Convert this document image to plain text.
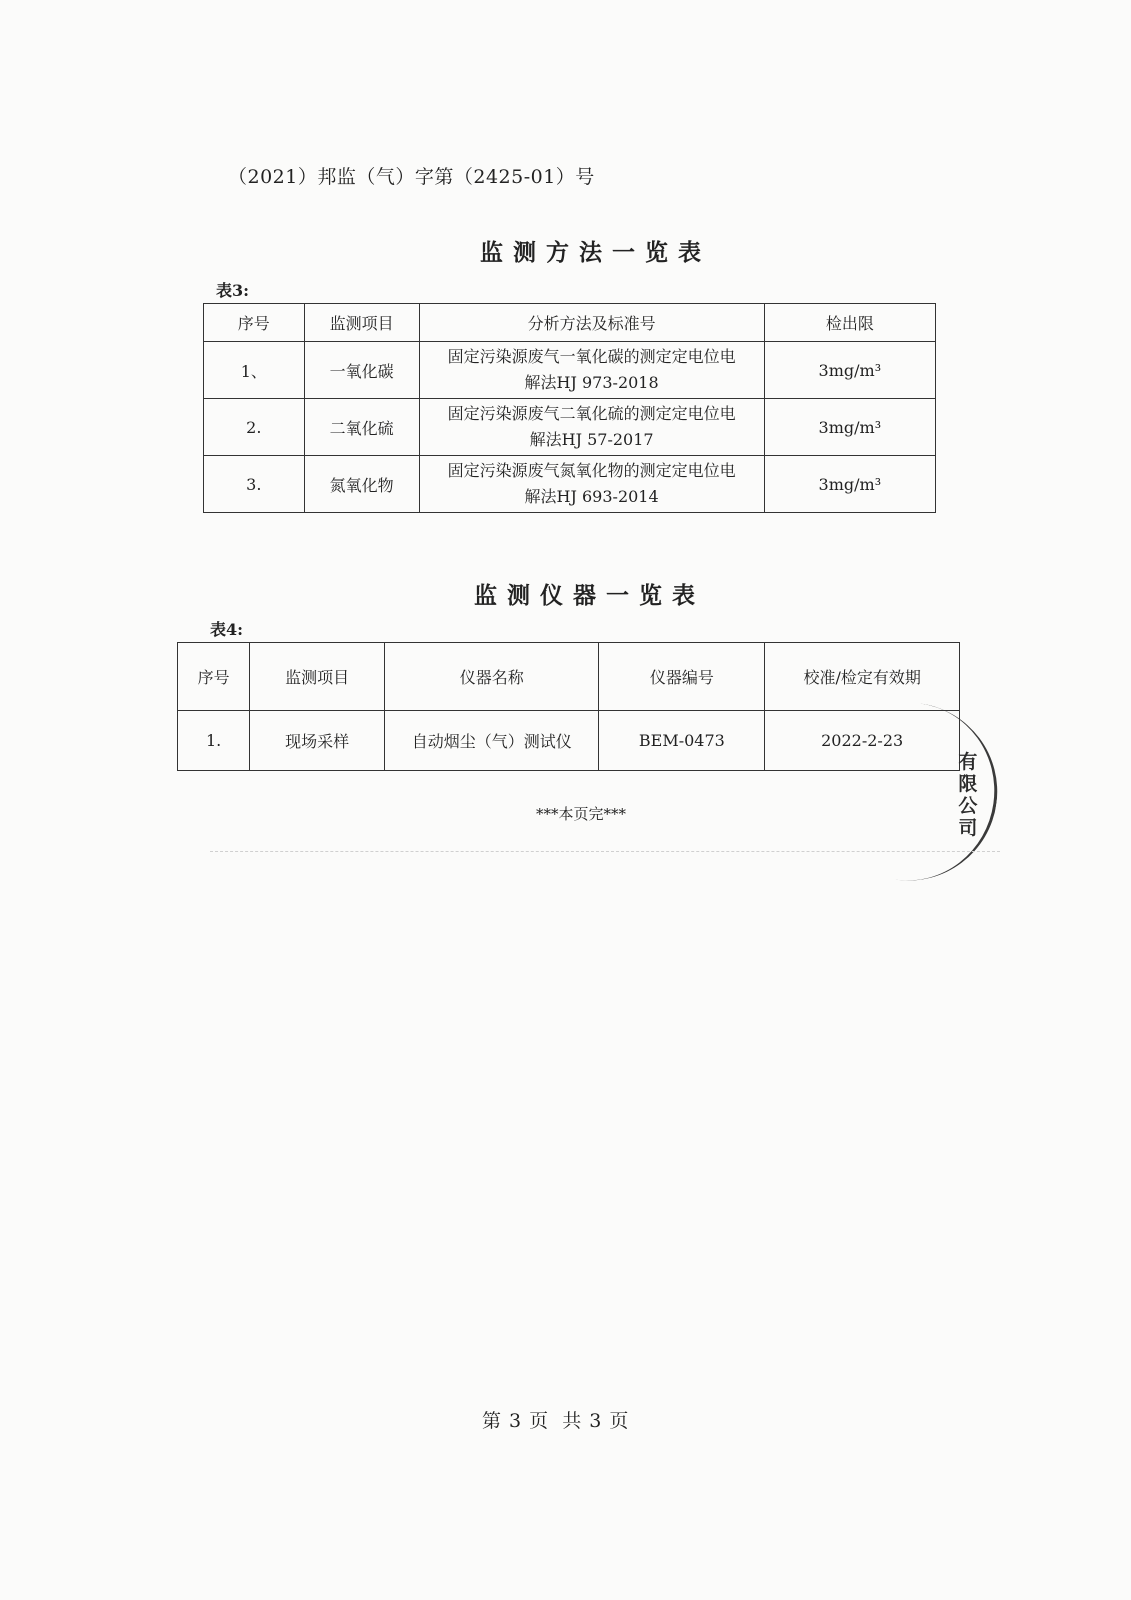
（2021）邦监（气）字第（2425-01）号
监测方法一览表
表3:
序号	监测项目	分析方法及标准号	检出限
1、	一氧化碳	固定污染源废气一氧化碳的测定定电位电
解法HJ 973-2018	3mg/m³
2.	二氧化硫	固定污染源废气二氧化硫的测定定电位电
解法HJ 57-2017	3mg/m³
3.	氮氧化物	固定污染源废气氮氧化物的测定定电位电
解法HJ 693-2014	3mg/m³
监测仪器一览表
表4:
序号	监测项目	仪器名称	仪器编号	校准/检定有效期
1.	现场采样	自动烟尘（气）测试仪	BEM-0473	2022-2-23
有限公司
***本页完***
第 3 页 共 3 页
